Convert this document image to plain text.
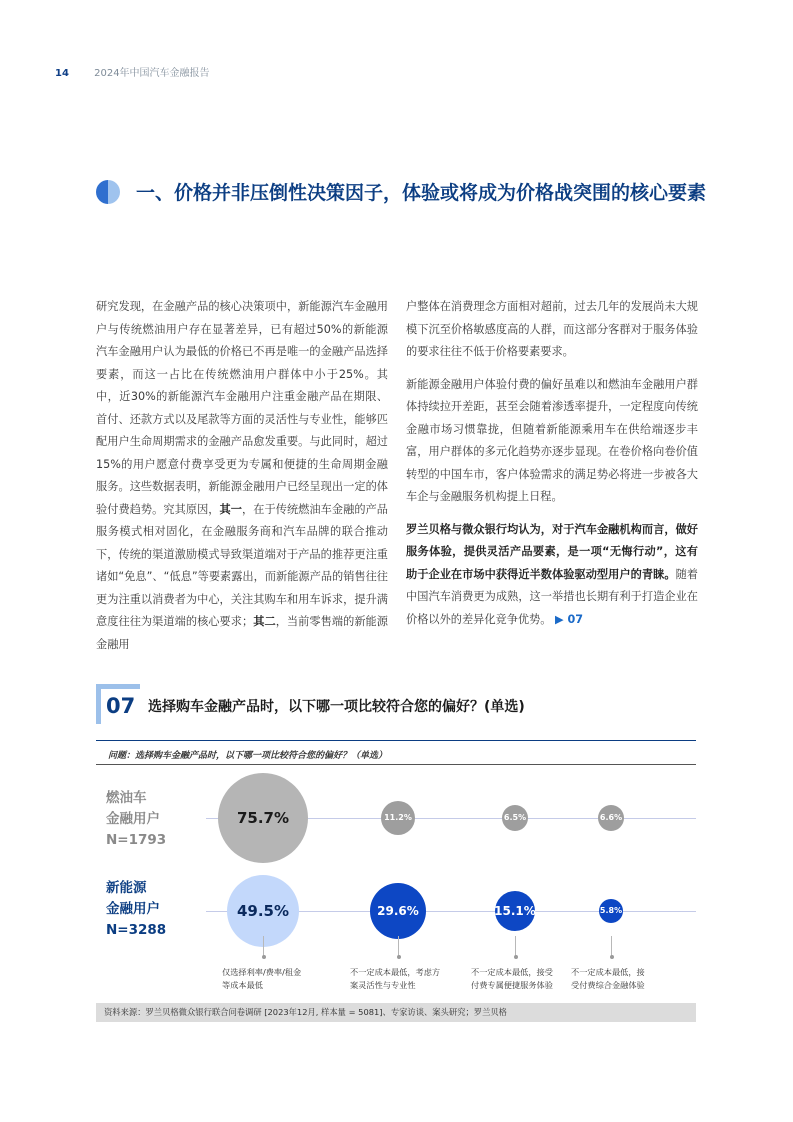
14	2024年中国汽车金融报告
一、价格并非压倒性决策因子，体验或将成为价格战突围的核心要素

研究发现，在金融产品的核心决策项中，新能源汽车金融用户与传统燃油用户存在显著差异，已有超过50%的新能源汽车金融用户认为最低的价格已不再是唯一的金融产品选择要素，而这一占比在传统燃油用户群体中小于25%。其中，近30%的新能源汽车金融用户注重金融产品在期限、首付、还款方式以及尾款等方面的灵活性与专业性，能够匹配用户生命周期需求的金融产品愈发重要。与此同时，超过15%的用户愿意付费享受更为专属和便捷的生命周期金融服务。这些数据表明，新能源金融用户已经呈现出一定的体验付费趋势。究其原因，其一，在于传统燃油车金融的产品服务模式相对固化，在金融服务商和汽车品牌的联合推动下，传统的渠道激励模式导致渠道端对于产品的推荐更注重诸如“免息”、“低息”等要素露出，而新能源产品的销售往往更为注重以消费者为中心，关注其购车和用车诉求，提升满意度往往为渠道端的核心要求；其二，当前零售端的新能源金融用

户整体在消费理念方面相对超前，过去几年的发展尚未大规模下沉至价格敏感度高的人群，而这部分客群对于服务体验的要求往往不低于价格要素要求。

新能源金融用户体验付费的偏好虽难以和燃油车金融用户群体持续拉开差距，甚至会随着渗透率提升，一定程度向传统金融市场习惯靠拢，但随着新能源乘用车在供给端逐步丰富，用户群体的多元化趋势亦逐步显现。在卷价格向卷价值转型的中国车市，客户体验需求的满足势必将进一步被各大车企与金融服务机构提上日程。

罗兰贝格与微众银行均认为，对于汽车金融机构而言，做好服务体验，提供灵活产品要素，是一项“无悔行动”，这有助于企业在市场中获得近半数体验驱动型用户的青睐。随着中国汽车消费更为成熟，这一举措也长期有利于打造企业在价格以外的差异化竞争优势。 ▶ 07

07 选择购车金融产品时，以下哪一项比较符合您的偏好？(单选)
问题：选择购车金融产品时，以下哪一项比较符合您的偏好？（单选）
燃油车
金融用户
N=1793
新能源
金融用户
N=3288
75.7%	11.2%	6.5%	6.6%
49.5%	29.6%	15.1%	5.8%
仅选择利率/费率/租金
等成本最低
不一定成本最低，考虑方
案灵活性与专业性
不一定成本最低，接受
付费专属便捷服务体验
不一定成本最低，接
受付费综合金融体验
资料来源：罗兰贝格微众银行联合问卷调研 [2023年12月, 样本量 = 5081]、专家访谈、案头研究；罗兰贝格
